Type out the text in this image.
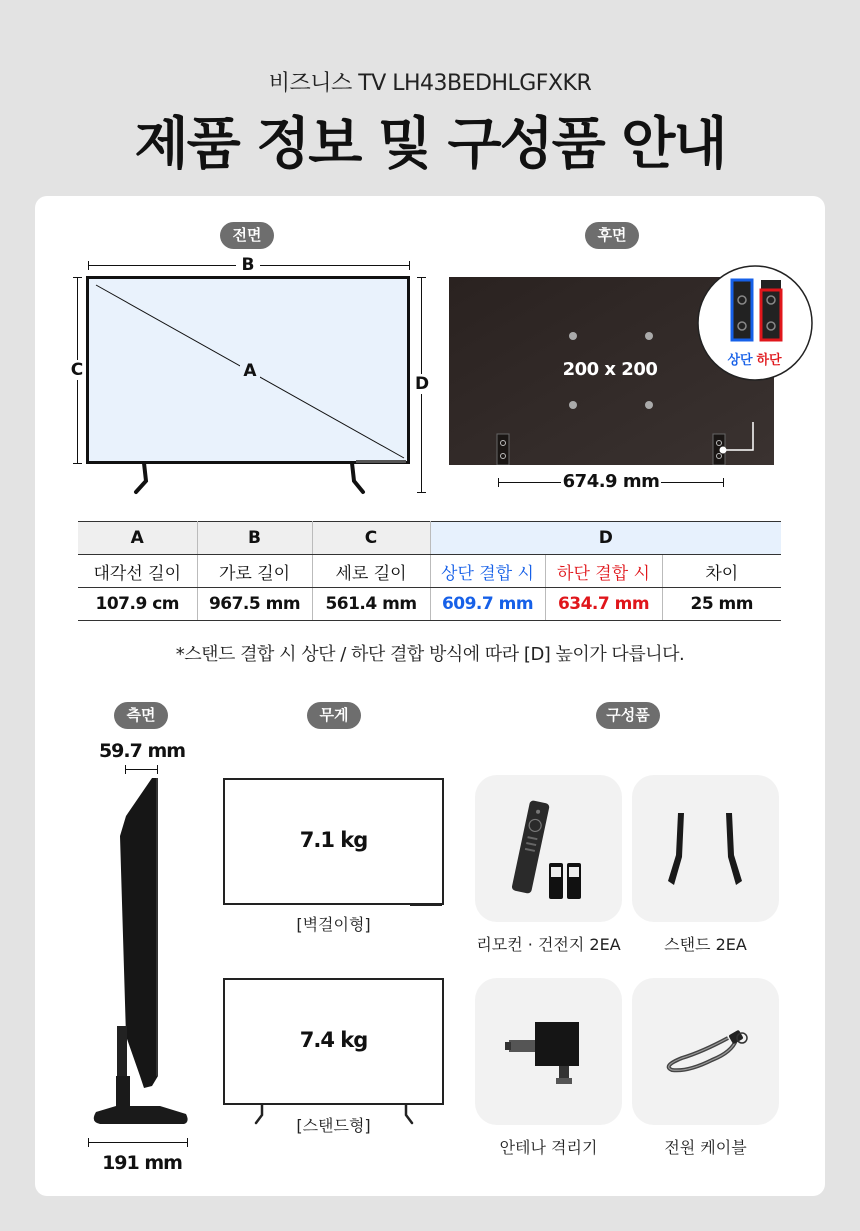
비즈니스 TV LH43BEDHLGFXKR
제품 정보 및 구성품 안내
전면
B
C
D
A
후면
200 x 200	상단 하단
674.9 mm
A	B	C	D		
대각선 길이	가로 길이	세로 길이	상단 결합 시	하단 결합 시	차이
107.9 cm	967.5 mm	561.4 mm	609.7 mm	634.7 mm	25 mm
*스탠드 결합 시 상단 / 하단 결합 방식에 따라 [D] 높이가 다릅니다.
측면
59.7 mm
191 mm
무게
7.1 kg
[벽걸이형]
7.4 kg
[스탠드형]
구성품
리모컨 · 건전지 2EA	스탠드 2EA
안테나 격리기	전원 케이블
